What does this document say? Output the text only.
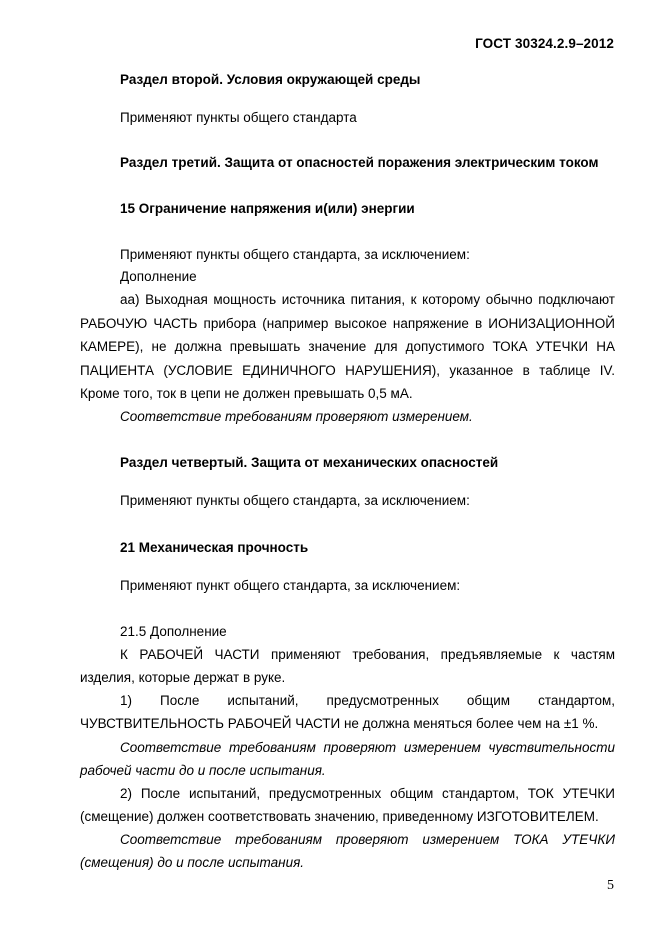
ГОСТ 30324.2.9–2012
Раздел второй. Условия окружающей среды
Применяют пункты общего стандарта
Раздел третий. Защита от опасностей поражения электрическим током
15 Ограничение напряжения и(или) энергии
Применяют пункты общего стандарта, за исключением:
Дополнение
аа) Выходная мощность источника питания, к которому обычно подключают
РАБОЧУЮ ЧАСТЬ прибора (например высокое напряжение в ИОНИЗАЦИОННОЙ
КАМЕРЕ), не должна превышать значение для допустимого ТОКА УТЕЧКИ НА
ПАЦИЕНТА (УСЛОВИЕ ЕДИНИЧНОГО НАРУШЕНИЯ), указанное в таблице IV.
Кроме того, ток в цепи не должен превышать 0,5 мА.
Соответствие требованиям проверяют измерением.
Раздел четвертый. Защита от механических опасностей
Применяют пункты общего стандарта, за исключением:
21 Механическая прочность
Применяют пункт общего стандарта, за исключением:
21.5 Дополнение
К РАБОЧЕЙ ЧАСТИ применяют требования, предъявляемые к частям
изделия, которые держат в руке.
1) После испытаний, предусмотренных общим стандартом,
ЧУВСТВИТЕЛЬНОСТЬ РАБОЧЕЙ ЧАСТИ не должна меняться более чем на ±1 %.
Соответствие требованиям проверяют измерением чувствительности
рабочей части до и после испытания.
2) После испытаний, предусмотренных общим стандартом, ТОК УТЕЧКИ
(смещение) должен соответствовать значению, приведенному ИЗГОТОВИТЕЛЕМ.
Соответствие требованиям проверяют измерением ТОКА УТЕЧКИ
(смещения) до и после испытания.
5
